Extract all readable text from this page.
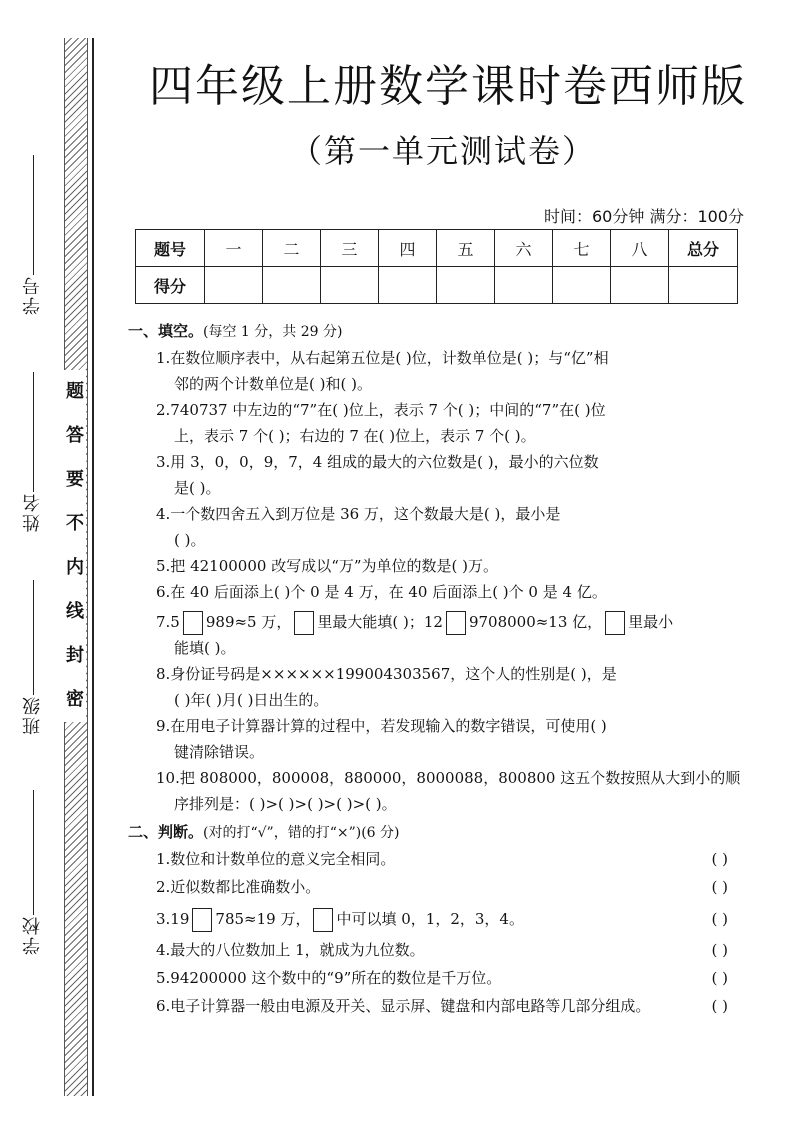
学号
姓名
班级
学校
题
答
要
不
内
线
封
密
四年级上册数学课时卷西师版
（第一单元测试卷）
时间：60分钟 满分：100分
题号	一	二	三	四	五	六	七	八	总分
得分									
一、填空。(每空 1 分，共 29 分)
1.在数位顺序表中，从右起第五位是( )位，计数单位是( )；与“亿”相
邻的两个计数单位是( )和( )。
2.740737 中左边的“7”在( )位上，表示 7 个( )；中间的“7”在( )位
上，表示 7 个( )；右边的 7 在( )位上，表示 7 个( )。
3.用 3，0，0，9，7，4 组成的最大的六位数是( )，最小的六位数
是( )。
4.一个数四舍五入到万位是 36 万，这个数最大是( )，最小是
( )。
5.把 42100000 改写成以“万”为单位的数是( )万。
6.在 40 后面添上( )个 0 是 4 万，在 40 后面添上( )个 0 是 4 亿。
7.5 989≈5 万， 里最大能填( )；12 9708000≈13 亿， 里最小
能填( )。
8.身份证号码是××××××199004303567，这个人的性别是( )，是
( )年( )月( )日出生的。
9.在用电子计算器计算的过程中，若发现输入的数字错误，可使用( )
键清除错误。
10.把 808000，800008，880000，8000088，800800 这五个数按照从大到小的顺
序排列是：( )>( )>( )>( )>( )。
二、判断。(对的打“√”，错的打“×”)(6 分)
1.数位和计数单位的意义完全相同。	( )
2.近似数都比准确数小。	( )
3.19 785≈19 万， 中可以填 0，1，2，3，4。	( )
4.最大的八位数加上 1，就成为九位数。	( )
5.94200000 这个数中的“9”所在的数位是千万位。	( )
6.电子计算器一般由电源及开关、显示屏、键盘和内部电路等几部分组成。	( )
